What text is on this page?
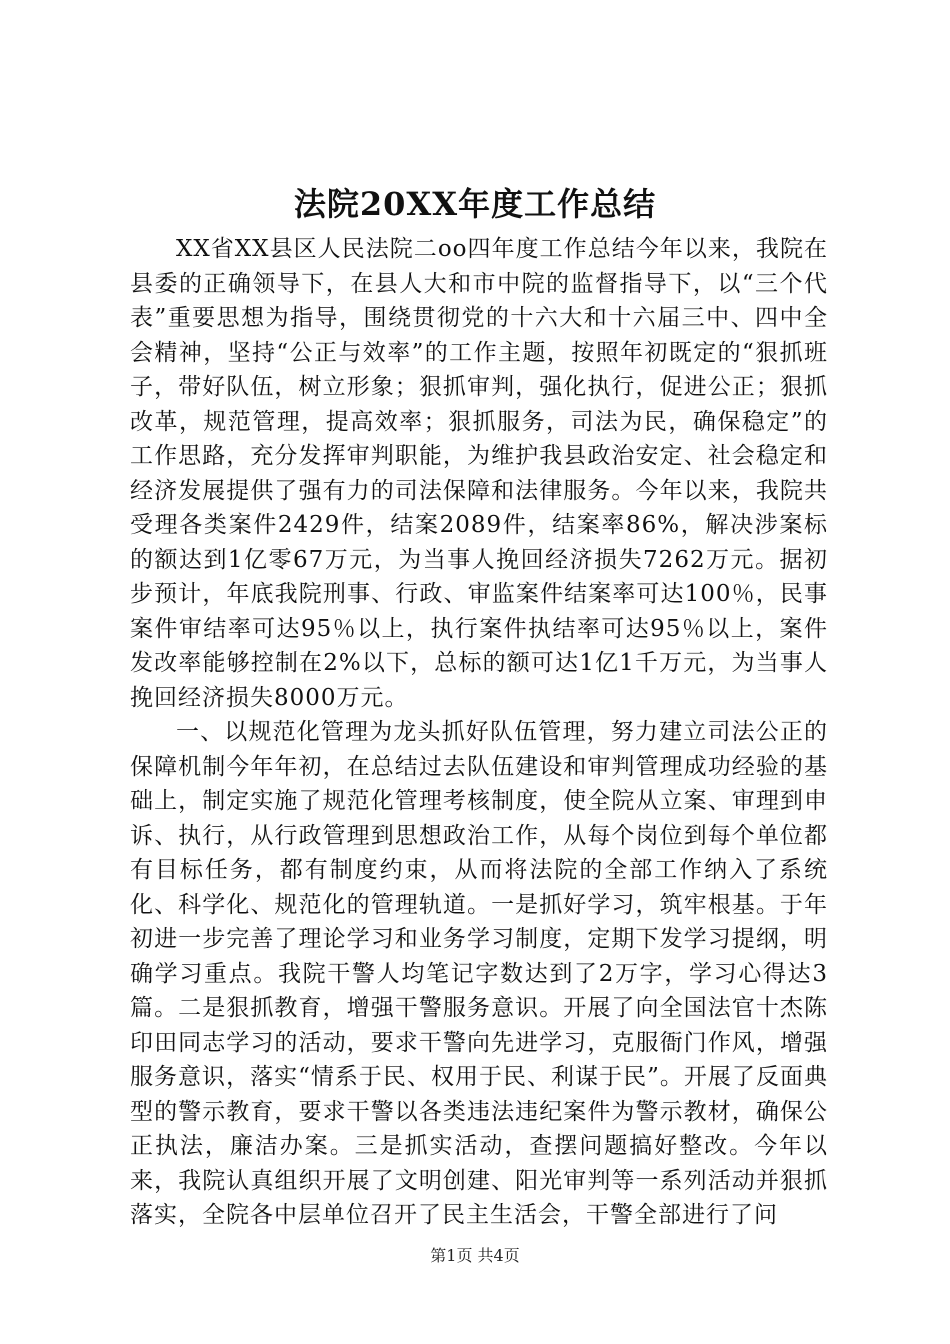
法院20XX年度工作总结

XX省XX县区人民法院二oo四年度工作总结今年以来，我院在县委的正确领导下，在县人大和市中院的监督指导下，以“三个代表”重要思想为指导，围绕贯彻党的十六大和十六届三中、四中全会精神，坚持“公正与效率”的工作主题，按照年初既定的“狠抓班子，带好队伍，树立形象；狠抓审判，强化执行，促进公正；狠抓改革，规范管理，提高效率；狠抓服务，司法为民，确保稳定”的工作思路，充分发挥审判职能，为维护我县政治安定、社会稳定和经济发展提供了强有力的司法保障和法律服务。今年以来，我院共受理各类案件2429件，结案2089件，结案率86%，解决涉案标的额达到1亿零67万元，为当事人挽回经济损失7262万元。据初步预计，年底我院刑事、行政、审监案件结案率可达100％，民事案件审结率可达95％以上，执行案件执结率可达95％以上，案件发改率能够控制在2%以下，总标的额可达1亿1千万元，为当事人挽回经济损失8000万元。

一、以规范化管理为龙头抓好队伍管理，努力建立司法公正的保障机制今年年初，在总结过去队伍建设和审判管理成功经验的基础上，制定实施了规范化管理考核制度，使全院从立案、审理到申诉、执行，从行政管理到思想政治工作，从每个岗位到每个单位都有目标任务，都有制度约束，从而将法院的全部工作纳入了系统化、科学化、规范化的管理轨道。一是抓好学习，筑牢根基。于年初进一步完善了理论学习和业务学习制度，定期下发学习提纲，明确学习重点。我院干警人均笔记字数达到了2万字，学习心得达3篇。二是狠抓教育，增强干警服务意识。开展了向全国法官十杰陈印田同志学习的活动，要求干警向先进学习，克服衙门作风，增强服务意识，落实“情系于民、权用于民、利谋于民”。开展了反面典型的警示教育，要求干警以各类违法违纪案件为警示教材，确保公正执法，廉洁办案。三是抓实活动，查摆问题搞好整改。今年以来，我院认真组织开展了文明创建、阳光审判等一系列活动并狠抓落实，全院各中层单位召开了民主生活会，干警全部进行了问

第1页 共4页
